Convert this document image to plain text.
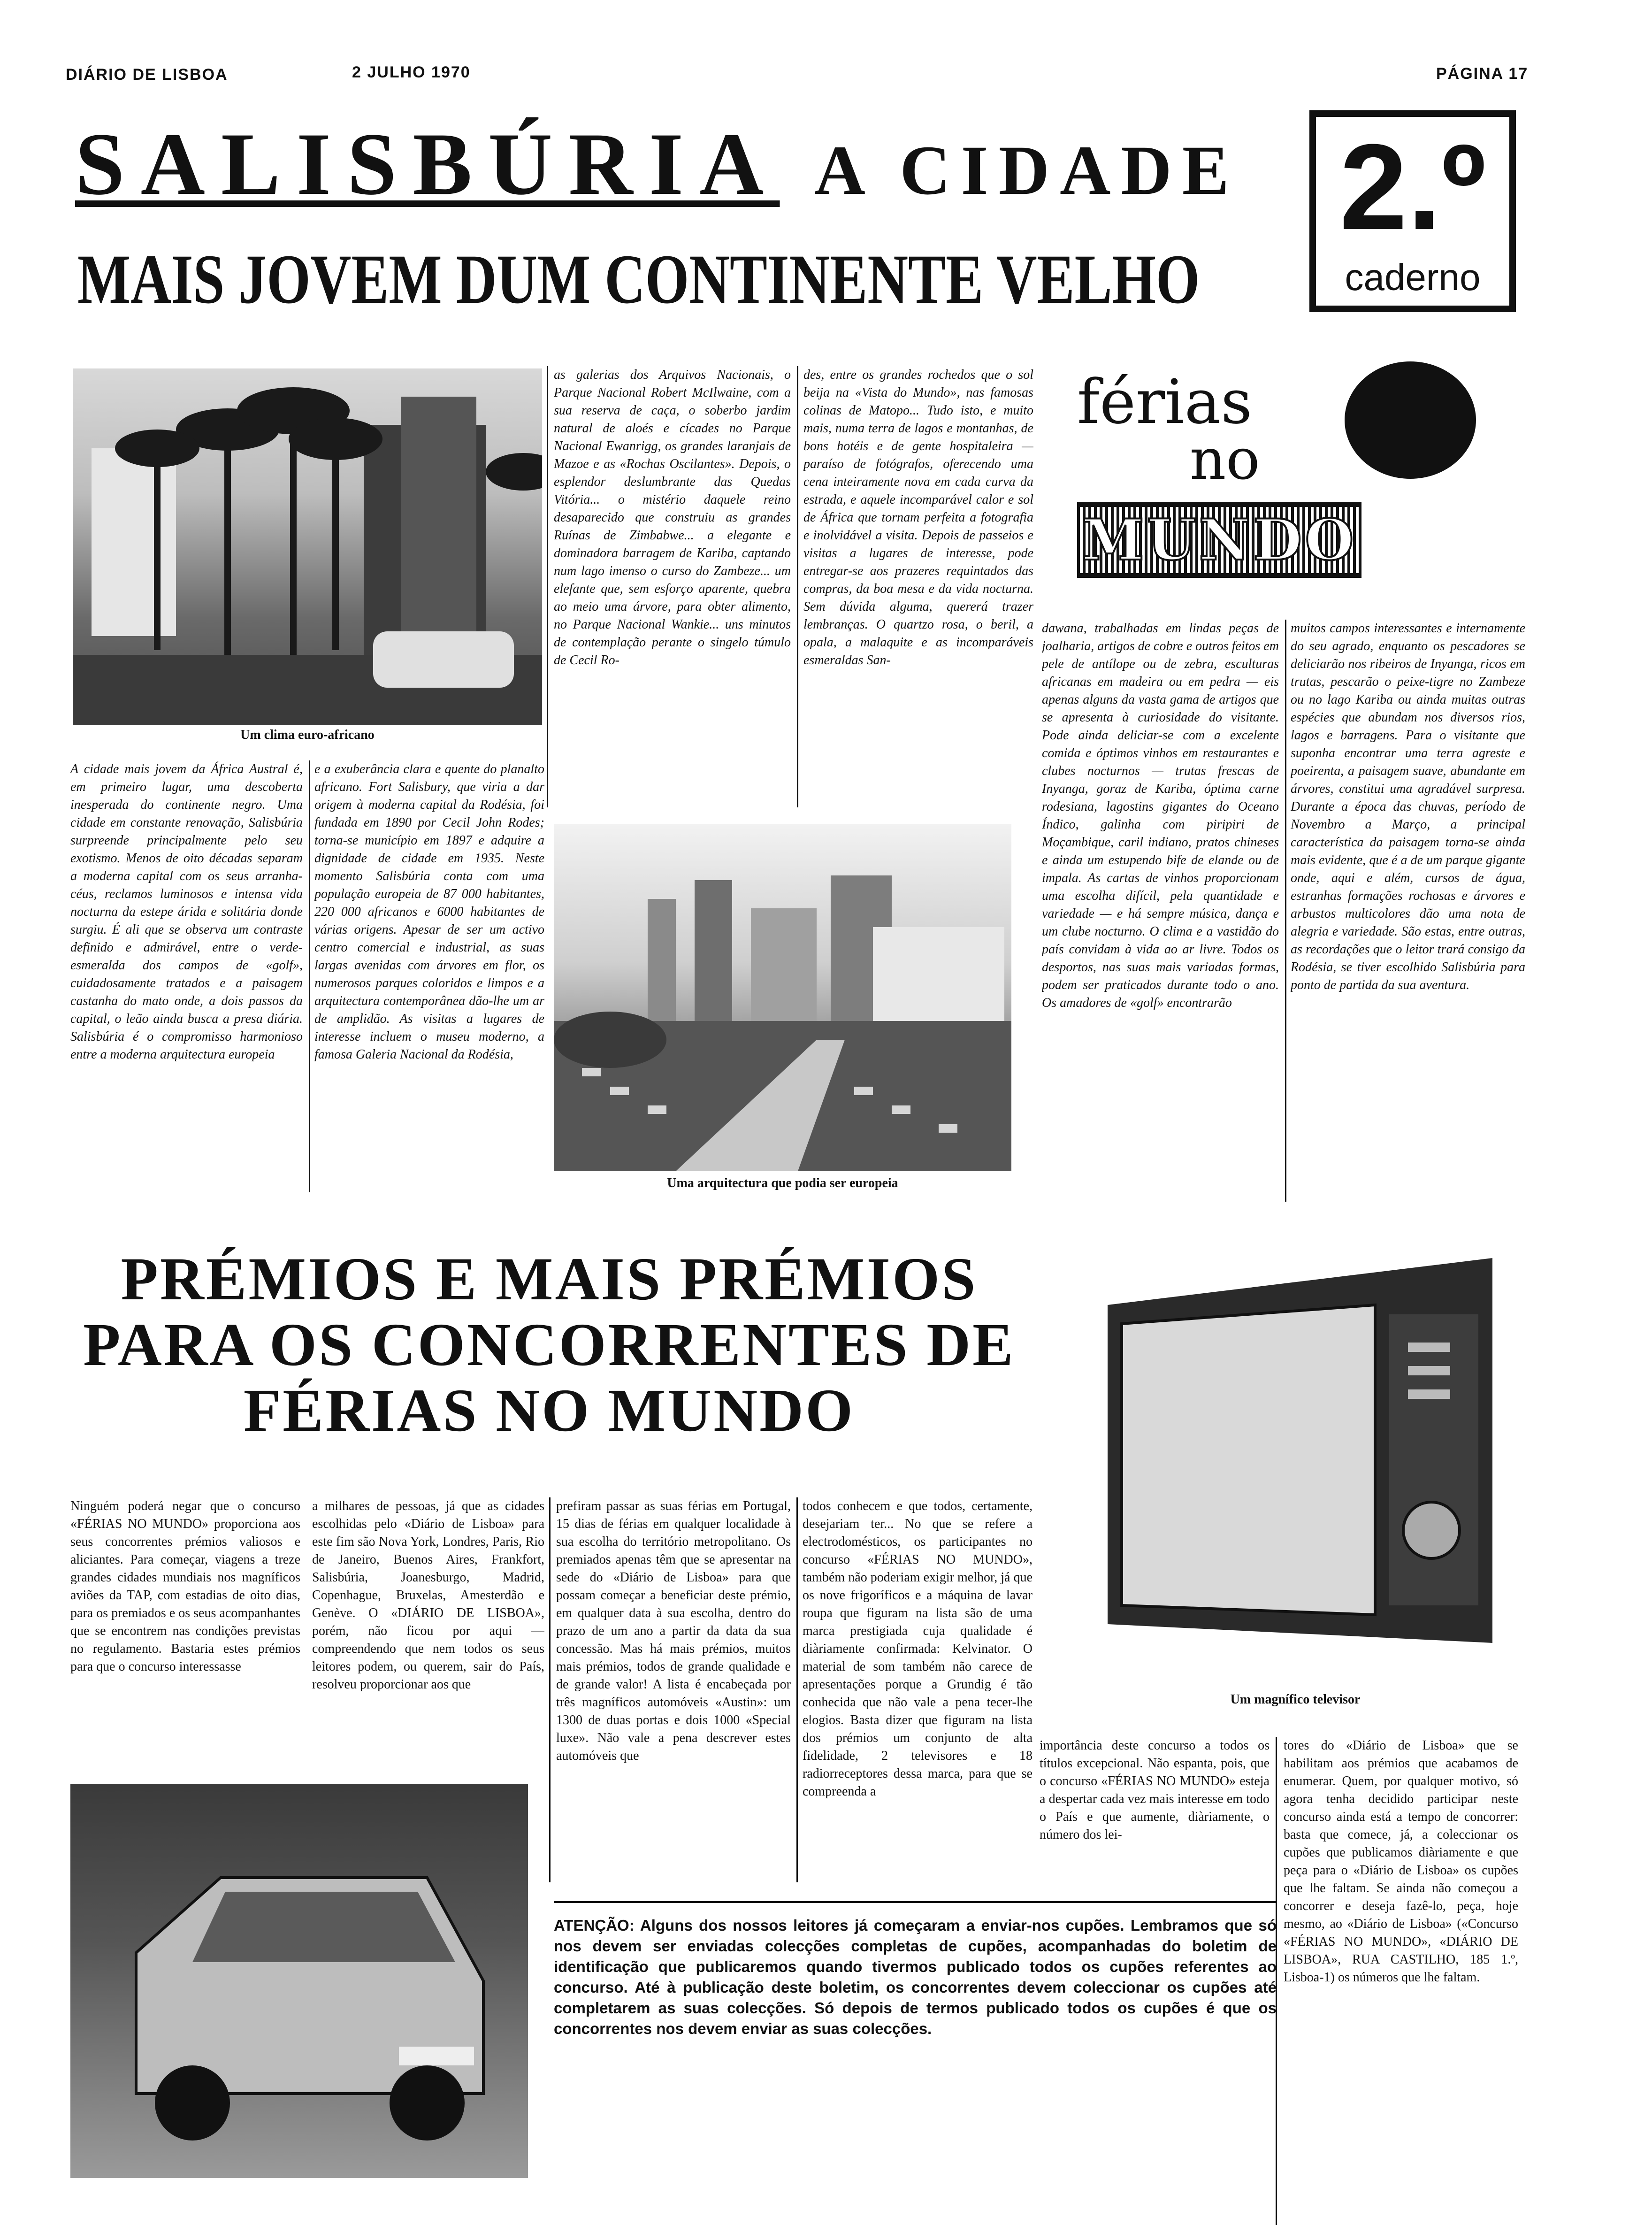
DIÁRIO DE LISBOA	2 JULHO 1970	PÁGINA 17
SALISBÚRIA A CIDADE
MAIS JOVEM DUM CONTINENTE VELHO
2.º
caderno
Um clima euro-africano
férias
no
MUNDO
Uma arquitectura que podia ser europeia
A cidade mais jovem da África Austral é, em primeiro lugar, uma descoberta inesperada do continente negro. Uma cidade em constante renovação, Salisbúria surpreende principalmente pelo seu exotismo. Menos de oito décadas separam a moderna capital com os seus arranha-céus, reclamos luminosos e intensa vida nocturna da estepe árida e solitária donde surgiu. É ali que se observa um contraste definido e admirável, entre o verde-esmeralda dos campos de «golf», cuidadosamente tratados e a paisagem castanha do mato onde, a dois passos da capital, o leão ainda busca a presa diária. Salisbúria é o compromisso harmonioso entre a moderna arquitectura europeia
e a exuberância clara e quente do planalto africano. Fort Salisbury, que viria a dar origem à moderna capital da Rodésia, foi fundada em 1890 por Cecil John Rodes; torna-se município em 1897 e adquire a dignidade de cidade em 1935. Neste momento Salisbúria conta com uma população europeia de 87 000 habitantes, 220 000 africanos e 6000 habitantes de várias origens. Apesar de ser um activo centro comercial e industrial, as suas largas avenidas com árvores em flor, os numerosos parques coloridos e limpos e a arquitectura contemporânea dão-lhe um ar de amplidão. As visitas a lugares de interesse incluem o museu moderno, a famosa Galeria Nacional da Rodésia,
as galerias dos Arquivos Nacionais, o Parque Nacional Robert McIlwaine, com a sua reserva de caça, o soberbo jardim natural de aloés e cícades no Parque Nacional Ewanrigg, os grandes laranjais de Mazoe e as «Rochas Oscilantes». Depois, o esplendor deslumbrante das Quedas Vitória... o mistério daquele reino desaparecido que construiu as grandes Ruínas de Zimbabwe... a elegante e dominadora barragem de Kariba, captando num lago imenso o curso do Zambeze... um elefante que, sem esforço aparente, quebra ao meio uma árvore, para obter alimento, no Parque Nacional Wankie... uns minutos de contemplação perante o singelo túmulo de Cecil Ro-
des, entre os grandes rochedos que o sol beija na «Vista do Mundo», nas famosas colinas de Matopo... Tudo isto, e muito mais, numa terra de lagos e montanhas, de bons hotéis e de gente hospitaleira — paraíso de fotógrafos, oferecendo uma cena inteiramente nova em cada curva da estrada, e aquele incomparável calor e sol de África que tornam perfeita a fotografia e inolvidável a visita. Depois de passeios e visitas a lugares de interesse, pode entregar-se aos prazeres requintados das compras, da boa mesa e da vida nocturna. Sem dúvida alguma, quererá trazer lembranças. O quartzo rosa, o beril, a opala, a malaquite e as incomparáveis esmeraldas San-
dawana, trabalhadas em lindas peças de joalharia, artigos de cobre e outros feitos em pele de antílope ou de zebra, esculturas africanas em madeira ou em pedra — eis apenas alguns da vasta gama de artigos que se apresenta à curiosidade do visitante. Pode ainda deliciar-se com a excelente comida e óptimos vinhos em restaurantes e clubes nocturnos — trutas frescas de Inyanga, goraz de Kariba, óptima carne rodesiana, lagostins gigantes do Oceano Índico, galinha com piripiri de Moçambique, caril indiano, pratos chineses e ainda um estupendo bife de elande ou de impala. As cartas de vinhos proporcionam uma escolha difícil, pela quantidade e variedade — e há sempre música, dança e um clube nocturno. O clima e a vastidão do país convidam à vida ao ar livre. Todos os desportos, nas suas mais variadas formas, podem ser praticados durante todo o ano. Os amadores de «golf» encontrarão
muitos campos interessantes e internamente do seu agrado, enquanto os pescadores se deliciarão nos ribeiros de Inyanga, ricos em trutas, pescarão o peixe-tigre no Zambeze ou no lago Kariba ou ainda muitas outras espécies que abundam nos diversos rios, lagos e barragens. Para o visitante que suponha encontrar uma terra agreste e poeirenta, a paisagem suave, abundante em árvores, constitui uma agradável surpresa. Durante a época das chuvas, período de Novembro a Março, a principal característica da paisagem torna-se ainda mais evidente, que é a de um parque gigante onde, aqui e além, cursos de água, estranhas formações rochosas e árvores e arbustos multicolores dão uma nota de alegria e variedade. São estas, entre outras, as recordações que o leitor trará consigo da Rodésia, se tiver escolhido Salisbúria para ponto de partida da sua aventura.
PRÉMIOS E MAIS PRÉMIOS
PARA OS CONCORRENTES DE
FÉRIAS NO MUNDO
Um magnífico televisor
Ninguém poderá negar que o concurso «FÉRIAS NO MUNDO» proporciona aos seus concorrentes prémios valiosos e aliciantes. Para começar, viagens a treze grandes cidades mundiais nos magníficos aviões da TAP, com estadias de oito dias, para os premiados e os seus acompanhantes que se encontrem nas condições previstas no regulamento. Bastaria estes prémios para que o concurso interessasse
a milhares de pessoas, já que as cidades escolhidas pelo «Diário de Lisboa» para este fim são Nova York, Londres, Paris, Rio de Janeiro, Buenos Aires, Frankfort, Salisbúria, Joanesburgo, Madrid, Copenhague, Bruxelas, Amesterdão e Genève. O «DIÁRIO DE LISBOA», porém, não ficou por aqui — compreendendo que nem todos os seus leitores podem, ou querem, sair do País, resolveu proporcionar aos que
prefiram passar as suas férias em Portugal, 15 dias de férias em qualquer localidade à sua escolha do território metropolitano. Os premiados apenas têm que se apresentar na sede do «Diário de Lisboa» para que possam começar a beneficiar deste prémio, em qualquer data à sua escolha, dentro do prazo de um ano a partir da data da sua concessão. Mas há mais prémios, muitos mais prémios, todos de grande qualidade e de grande valor! A lista é encabeçada por três magníficos automóveis «Austin»: um 1300 de duas portas e dois 1000 «Special luxe». Não vale a pena descrever estes automóveis que
todos conhecem e que todos, certamente, desejariam ter... No que se refere a electrodomésticos, os participantes no concurso «FÉRIAS NO MUNDO», também não poderiam exigir melhor, já que os nove frigoríficos e a máquina de lavar roupa que figuram na lista são de uma marca prestigiada cuja qualidade é diàriamente confirmada: Kelvinator. O material de som também não carece de apresentações porque a Grundig é tão conhecida que não vale a pena tecer-lhe elogios. Basta dizer que figuram na lista dos prémios um conjunto de alta fidelidade, 2 televisores e 18 radiorreceptores dessa marca, para que se compreenda a
importância deste concurso a todos os títulos excepcional. Não espanta, pois, que o concurso «FÉRIAS NO MUNDO» esteja a despertar cada vez mais interesse em todo o País e que aumente, diàriamente, o número dos lei-
tores do «Diário de Lisboa» que se habilitam aos prémios que acabamos de enumerar. Quem, por qualquer motivo, só agora tenha decidido participar neste concurso ainda está a tempo de concorrer: basta que comece, já, a coleccionar os cupões que publicamos diàriamente e que peça para o «Diário de Lisboa» os cupões que lhe faltam. Se ainda não começou a concorrer e deseja fazê-lo, peça, hoje mesmo, ao «Diário de Lisboa» («Concurso «FÉRIAS NO MUNDO», «DIÁRIO DE LISBOA», RUA CASTILHO, 185 1.º, Lisboa-1) os números que lhe faltam.
ATENÇÃO: Alguns dos nossos leitores já começaram a enviar-nos cupões. Lembramos que só nos devem ser enviadas colecções completas de cupões, acompanhadas do boletim de identificação que publicaremos quando tivermos publicado todos os cupões referentes ao concurso. Até à publicação deste boletim, os concorrentes devem coleccionar os cupões até completarem as suas colecções. Só depois de termos publicado todos os cupões é que os concorrentes nos devem enviar as suas colecções.
